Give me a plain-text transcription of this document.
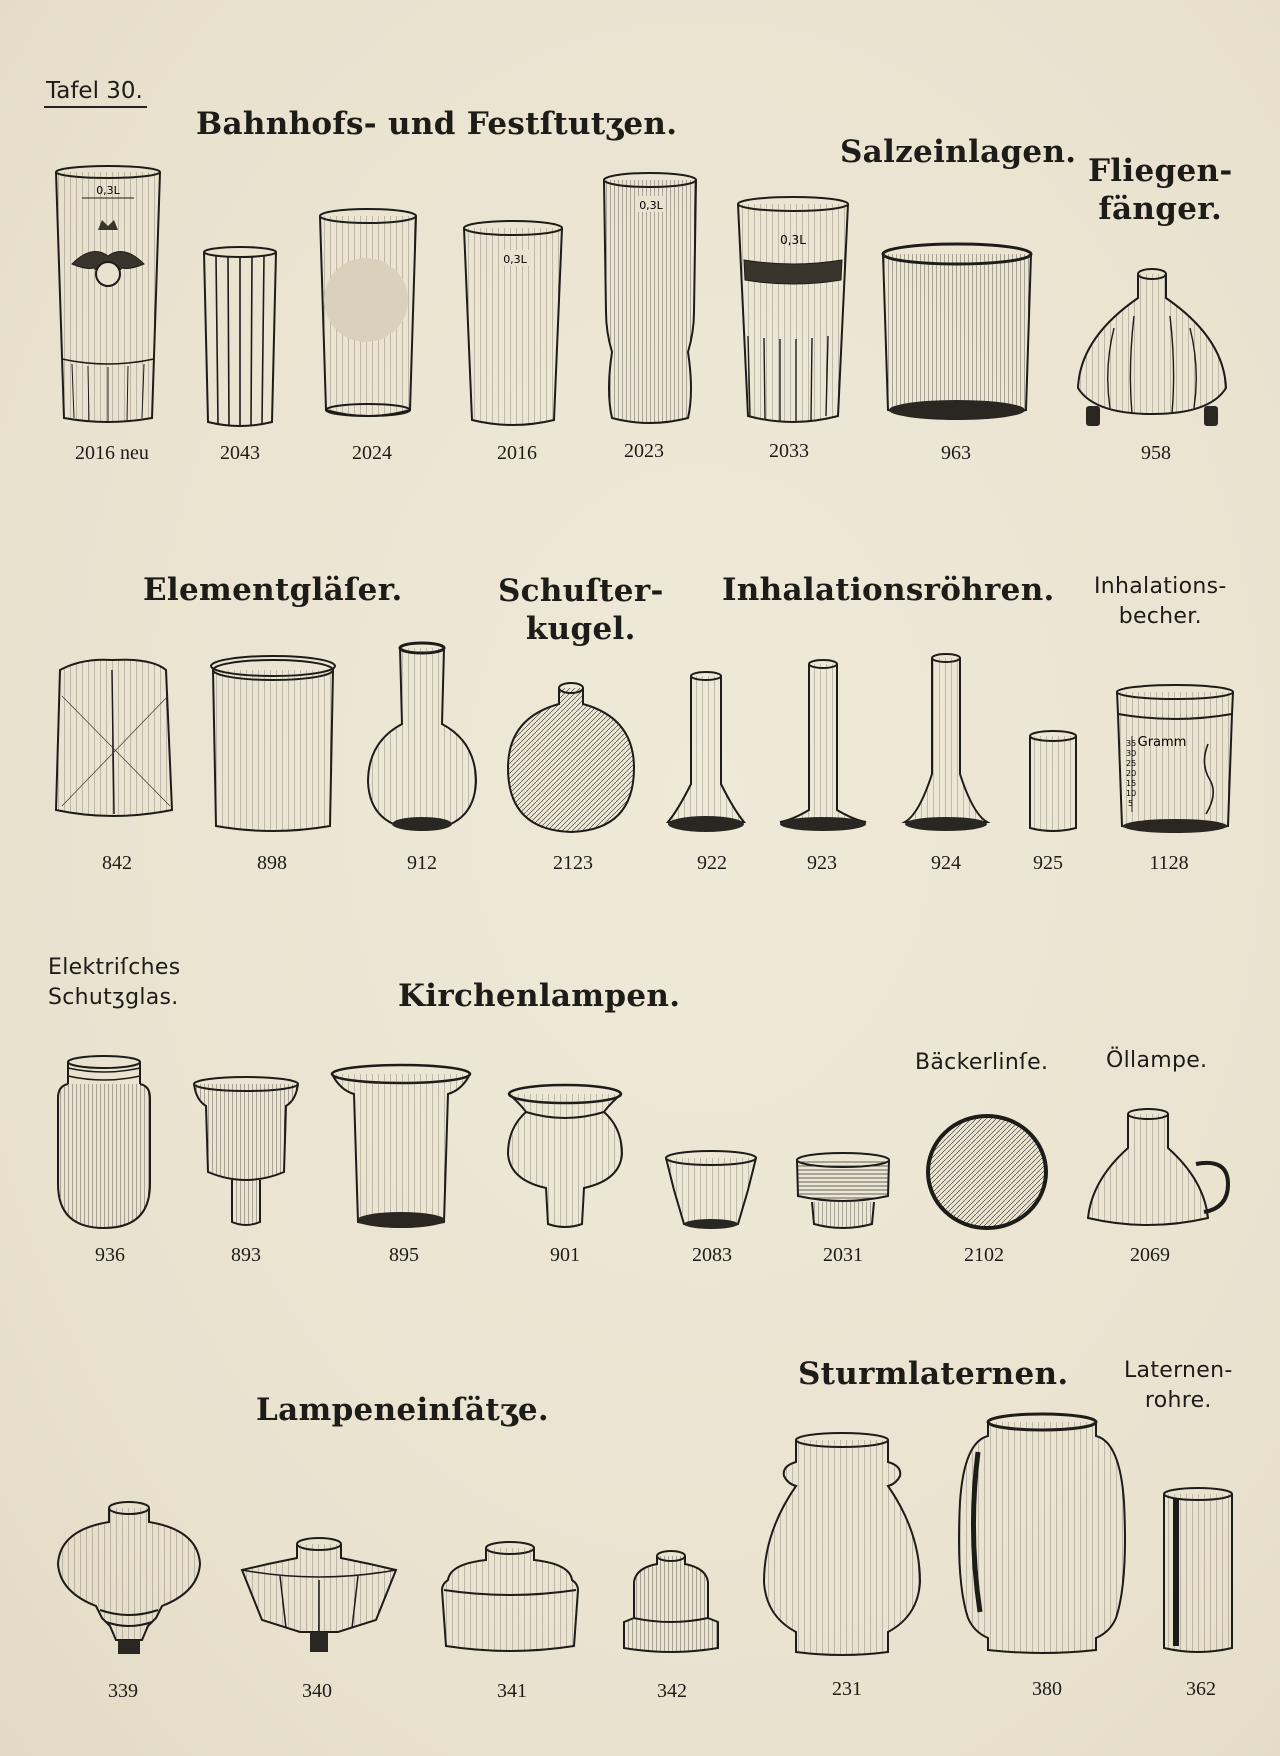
Tafel 30.
Bahnhofs- und Festſtutʒen.
Salzeinlagen.
Fliegen-
fänger.
Elementgläſer.	Schuſter-
kugel.
Inhalationsröhren. Inhalations-
becher.
Elektriſches
Schutʒglas.	Kirchenlampen.
Bäckerlinſe.	Öllampe.
Sturmlaternen.
Lampeneinſätʒe.
Laternen-
rohre.
0,3L
0,3L
0,3L
0,3L
2016 neu	2043	2024	2016	2023	2033	963	958
Gramm
35
30
25
20
15
10
5
842	898	912	2123	922	923	924	925	1128
936	893	895	901	2083	2031	2102	2069
339	340	341	342	231	380	362
